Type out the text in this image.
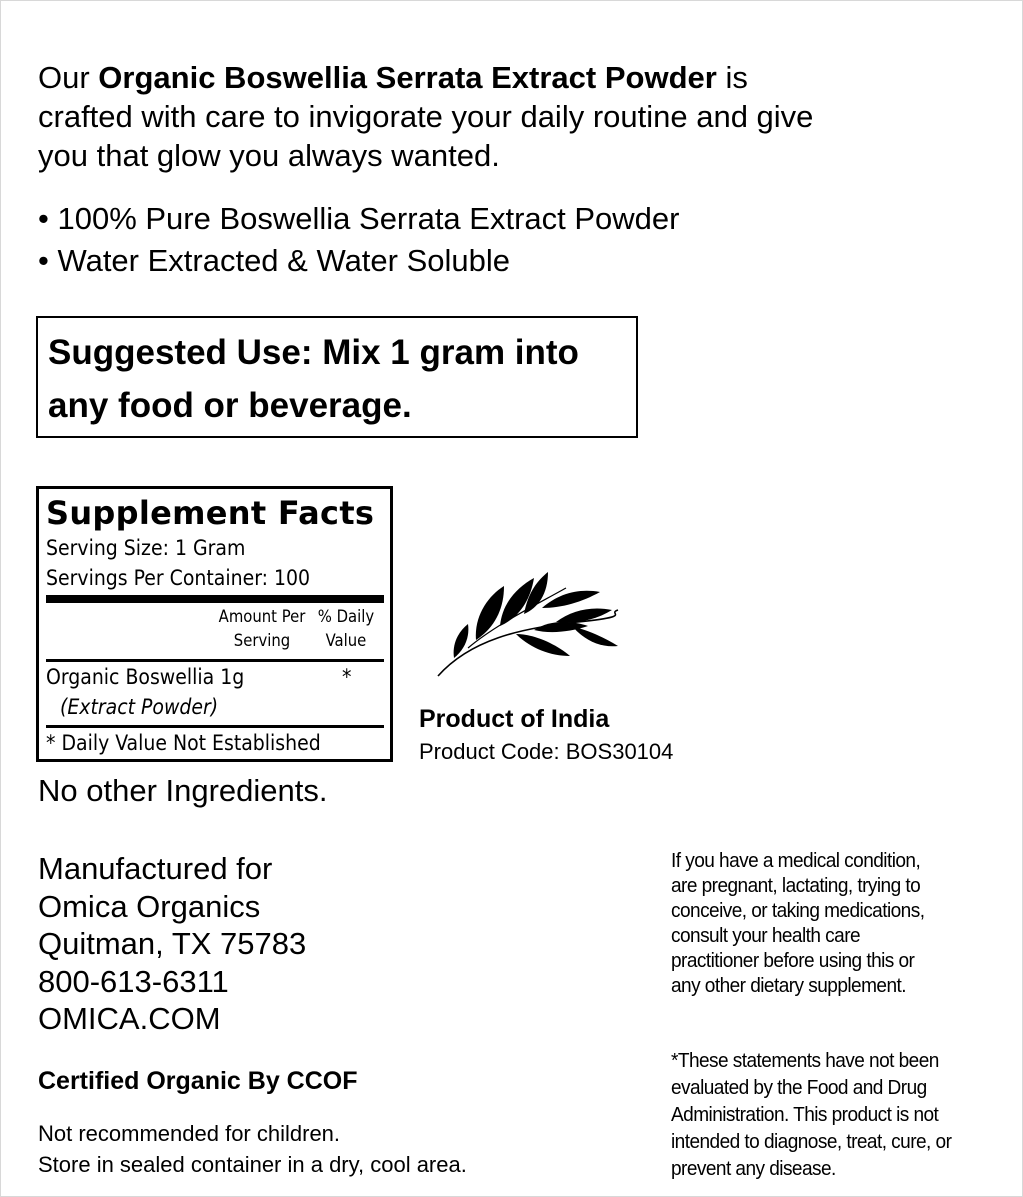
Our Organic Boswellia Serrata Extract Powder is crafted with care to invigorate your daily routine and give you that glow you always wanted.
• 100% Pure Boswellia Serrata Extract Powder
• Water Extracted & Water Soluble
Suggested Use: Mix 1 gram into
any food or beverage.
Supplement Facts
Serving Size: 1 Gram
Servings Per Container: 100
Amount Per
Serving
% Daily
Value
Organic Boswellia 1g
(Extract Powder)
*
* Daily Value Not Established
No other Ingredients.
Product of India
Product Code: BOS30104
Manufactured for
Omica Organics
Quitman, TX 75783
800-613-6311
OMICA.COM
Certified Organic By CCOF
Not recommended for children.
Store in sealed container in a dry, cool area.
If you have a medical condition,
are pregnant, lactating, trying to
conceive, or taking medications,
consult your health care
practitioner before using this or
any other dietary supplement.
*These statements have not been
evaluated by the Food and Drug
Administration. This product is not
intended to diagnose, treat, cure, or
prevent any disease.
